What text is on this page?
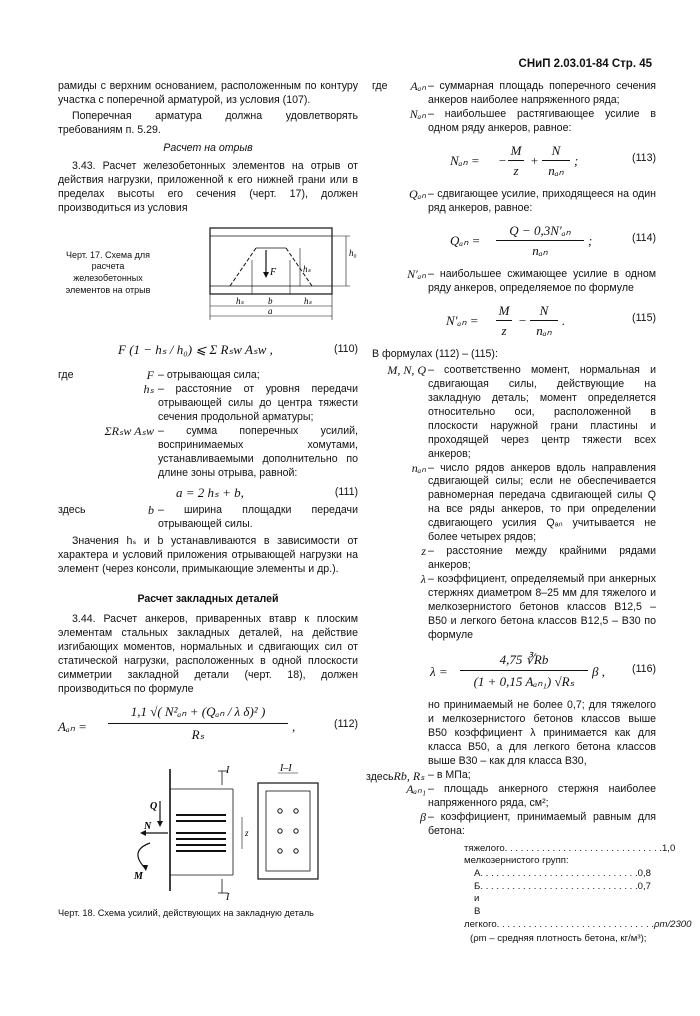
СНиП 2.03.01-84 Стр. 45

рамиды с верхним основанием, расположенным по контуру участка с поперечной арматурой, из условия (107).

Поперечная арматура должна удовлетворять требованиям п. 5.29.

Расчет на отрыв

3.43. Расчет железобетонных элементов на отрыв от действия нагрузки, приложенной к его нижней грани или в пределах высоты его сечения (черт. 17), должен производиться из условия

Черт. 17. Схема для расчета железобетонных элементов на отрыв
F
h₀
hₛ
hₛ	b	hₛ
a
F (1 − hₛ / h₀) ⩽ Σ Rₛw Aₛw ,	(110)
где	F – отрывающая сила;
hₛ – расстояние от уровня передачи отрывающей силы до центра тяжести сечения продольной арматуры;
ΣRₛw Aₛw – сумма поперечных усилий, воспринимаемых хомутами, устанавливаемыми дополнительно по длине зоны отрыва, равной:
a = 2 hₛ + b,	(111)
здесь	b – ширина площадки передачи отрывающей силы.

Значения hₛ и b устанавливаются в зависимости от характера и условий приложения отрывающей нагрузки на элемент (через консоли, примыкающие элементы и др.).

Расчет закладных деталей

3.44. Расчет анкеров, приваренных втавр к плоским элементам стальных закладных деталей, на действие изгибающих моментов, нормальных и сдвигающих сил от статической нагрузки, расположенных в одной плоскости симметрии закладной детали (черт. 18), должен производиться по формуле

Aₐₙ =
1,1 √( N²ₐₙ + (Qₐₙ / λ δ)² )
Rₛ
,	(112)
I
I
I–I
Q
N
M
z
Черт. 18. Схема усилий, действующих на закладную деталь
где	Aₐₙ – суммарная площадь поперечного сечения анкеров наиболее напряженного ряда;
Nₐₙ – наибольшее растягивающее усилие в одном ряду анкеров, равное:
Nₐₙ = −
M
z
+
N
nₐₙ
;	(113)
Qₐₙ – сдвигающее усилие, приходящееся на один ряд анкеров, равное:
Qₐₙ =
Q − 0,3N′ₐₙ
nₐₙ
;	(114)
N′ₐₙ – наибольшее сжимающее усилие в одном ряду анкеров, определяемое по формуле
N′ₐₙ =
M
z
−
N
nₐₙ
.	(115)

В формулах (112) – (115):

M, N, Q – соответственно момент, нормальная и сдвигающая силы, действующие на закладную деталь; момент определяется относительно оси, расположенной в плоскости наружной грани пластины и проходящей через центр тяжести всех анкеров;
nₐₙ – число рядов анкеров вдоль направления сдвигающей силы; если не обеспечивается равномерная передача сдвигающей силы Q на все ряды анкеров, то при определении сдвигающего усилия Qₐₙ учитывается не более четырех рядов;
z – расстояние между крайними рядами анкеров;
λ – коэффициент, определяемый при анкерных стержнях диаметром 8–25 мм для тяжелого и мелкозернистого бетонов классов В12,5 – В50 и легкого бетона классов В12,5 – В30 по формуле
λ =
4,75 ∛Rb
(1 + 0,15 Aₐₙ₁) √Rₛ
β ,	(116)

но принимаемый не более 0,7; для тяжелого и мелкозернистого бетонов классов выше В50 коэффициент λ принимается как для класса В50, а для легкого бетона классов выше В30 – как для класса В30,

здесьRb, Rₛ – в МПа;
Aₐₙ₁ – площадь анкерного стержня наиболее напряженного ряда, см²;
β – коэффициент, принимаемый равным для бетона:
тяжелого . . . . . . . . . . . . . . . . . . . . . . . . . . . . . . 1,0
мелкозернистого групп:
А . . . . . . . . . . . . . . . . . . . . . . . . . . . . . . 0,8
Б и В
. . . . . . . . . . . . . . . . . . . . . . . . . . . . . . 0,7
легкого . . . . . . . . . . . . . . . . . . . . . . . . . . . . . . ρm/2300
(ρm – средняя плотность бетона, кг/м³);
